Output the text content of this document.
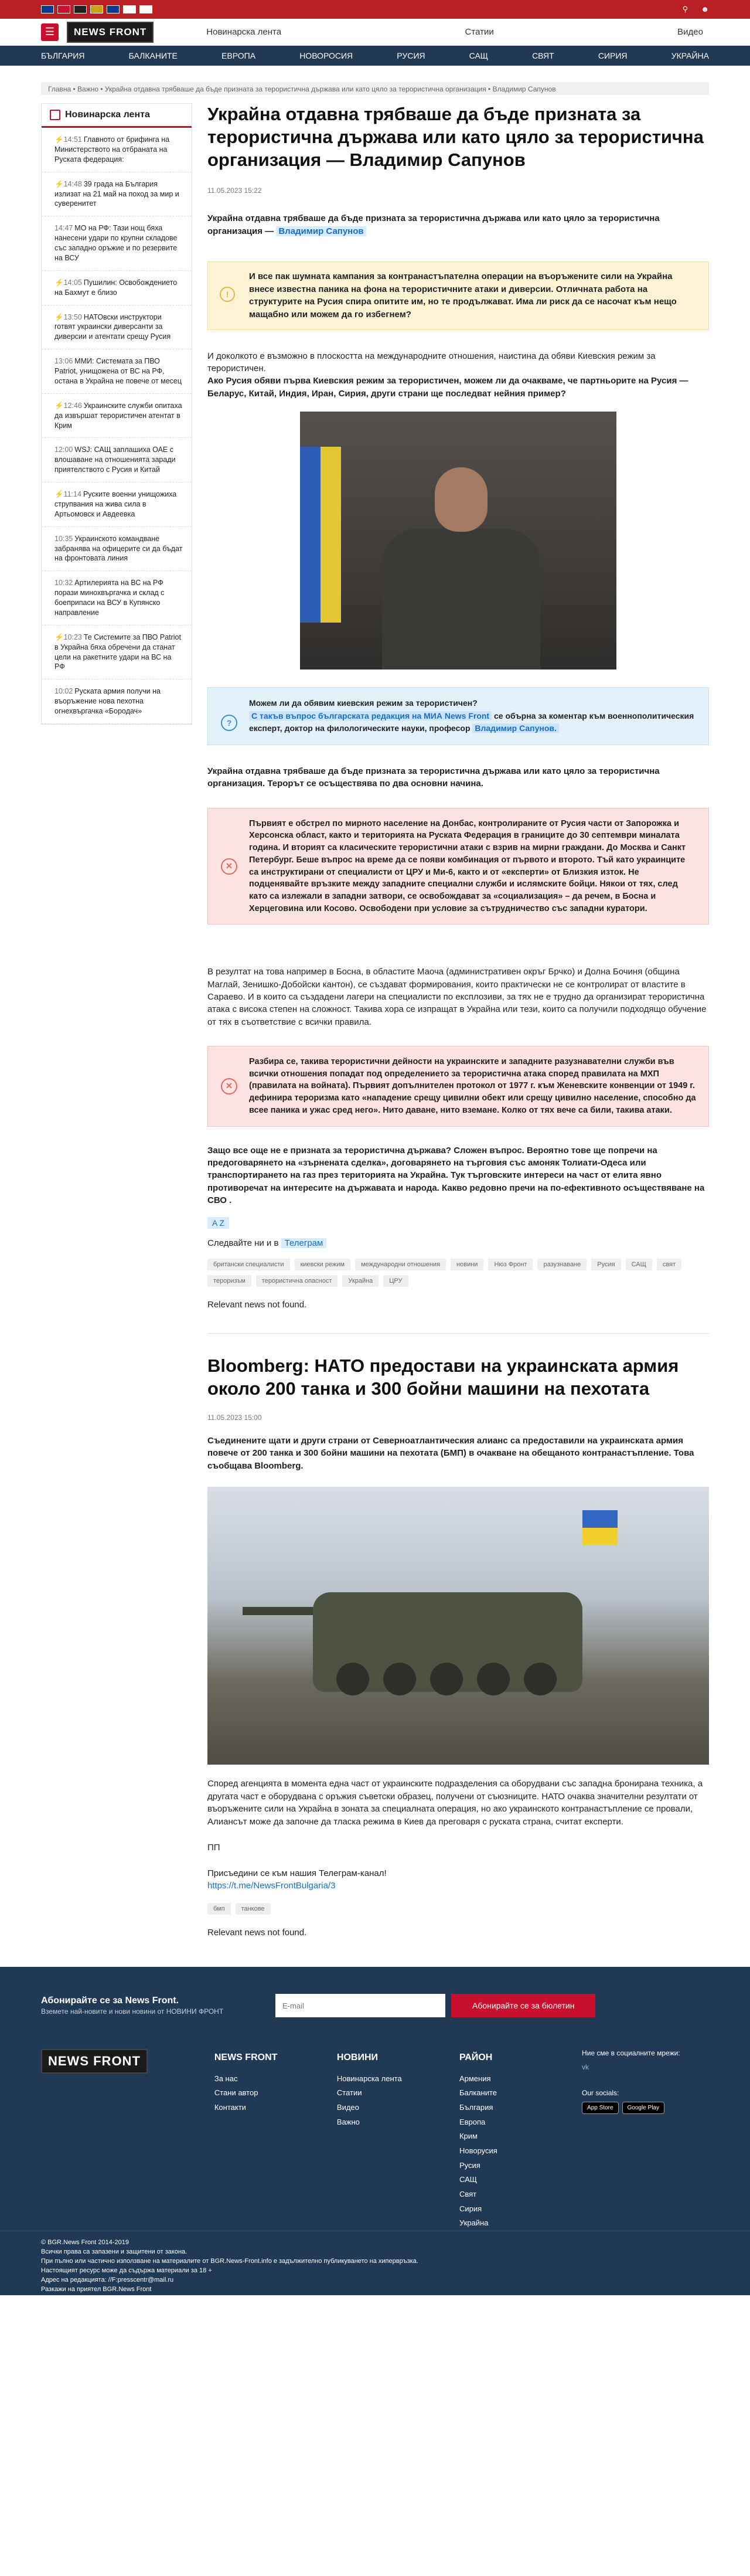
⚲ ☻
☰	NEWS FRONT	Новинарска лента	Статии	Видео
БЪЛГАРИЯ	БАЛКАНИТЕ	ЕВРОПА	НОВОРОСИЯ	РУСИЯ	САЩ	СВЯТ	СИРИЯ	УКРАЙНА
Главна • Важно • Украйна отдавна трябваше да бъде призната за терористична държава или като цяло за терористична организация • Владимир Сапунов
Новинарска лента
⚡14:51 Главното от брифинга на Министерството на отбраната на Руската федерация:
⚡14:48 39 градa на България излизат на 21 май на поход за мир и суверенитет
14:47 МО на РФ: Тази нощ бяха нанесени удари по крупни складове със западно оръжие и по резервите на ВСУ
⚡14:05 Пушилин: Освобождението на Бахмут е близо
⚡13:50 НАТОвски инструктори готвят украински диверсанти за диверсии и атентати срещу Русия
13:06 ММИ: Системата за ПВО Patriot, унищожена от ВС на РФ, остана в Украйна не повече от месец
⚡12:46 Украинските служби опитаха да извършат терористичен атентат в Крим
12:00 WSJ: САЩ заплашиха ОАЕ с влошаване на отношенията заради приятелството с Русия и Китай
⚡11:14 Руските военни унищожиха струпвания на жива сила в Артьомовск и Авдеевка
10:35 Украинското командване забранява на офицерите си да бъдат на фронтовата линия
10:32 Артилерията на ВС на РФ порази минохвъргачка и склад с боеприпаси на ВСУ в Купянско направление
⚡10:23 Те Системите за ПВО Patriot в Украйна бяха обречени да станат цели на ракетните удари на ВС на РФ
10:02 Руската армия получи на въоръжение нова пехотна огнехвъргачка «Бородач»
Украйна отдавна трябваше да бъде призната за терористична държава или като цяло за терористична организация — Владимир Сапунов
11.05.2023 15:22
Украйна отдавна трябваше да бъде призната за терористична държава или като цяло за терористична организация — Владимир Сапунов
!
И все пак шумната кампания за контранастъпателна операции на въоръжените сили на Украйна внесе известна паника на фона на терористичните атаки и диверсии. Отличната работа на структурите на Русия спира опитите им, но те продължават. Има ли риск да се насочат към нещо мащабно или можем да го избегнем?
И доколкото е възможно в плоскостта на международните отношения, наистина да обяви Киевския режим за терористичен.
Ако Русия обяви първа Киевския режим за терористичен, можем ли да очакваме, че партньорите на Русия — Беларус, Китай, Индия, Иран, Сирия, други страни ще последват нейния пример?
?
Можем ли да обявим киевския режим за терористичен?
С такъв въпрос българската редакция на МИА News Front се обърна за коментар към военнополитическия експерт, доктор на филологическите науки, професор Владимир Сапунов.
Украйна отдавна трябваше да бъде призната за терористична държава или като цяло за терористична организация. Терорът се осъществява по два основни начина.
✕
Първият е обстрел по мирното население на Донбас, контролираните от Русия части от Запорожка и Херсонска област, както и територията на Руската Федерация в границите до 30 септември миналата година. И вторият са класическите терористични атаки с взрив на мирни граждани. До Москва и Санкт Петербург. Беше въпрос на време да се появи комбинация от първото и второто. Тъй като украинците са инструктирани от специалисти от ЦРУ и Ми-6, както и от «експерти» от Близкия изток. Не подценявайте връзките между западните специални служби и ислямските бойци. Някои от тях, след като са излежали в западни затвори, се освобождават за «социализация» – да речем, в Босна и Херцеговина или Косово. Освободени при условие за сътрудничество със западни куратори.
В резултат на това например в Босна, в областите Маоча (административен окръг Брчко) и Долна Бочиня (община Маглай, Зенишко-Добойски кантон), се създават формирования, които практически не се контролират от властите в Сараево. И в които са създадени лагери на специалисти по експлозиви, за тях не е трудно да организират терористична атака с висока степен на сложност. Такива хора се изпращат в Украйна или тези, които са получили подходящо обучение от тях в съответствие с всички правила.
✕
Разбира се, такива терористични дейности на украинските и западните разузнавателни служби във всички отношения попадат под определението за терористична атака според правилата на МХП (правилата на войната). Първият допълнителен протокол от 1977 г. към Женевските конвенции от 1949 г. дефинира тероризма като «нападение срещу цивилни обект или срещу цивилно население, способно да всее паника и ужас сред него». Нито даване, нито вземане. Колко от тях вече са били, такива атаки.
Защо все още не е призната за терористична държава? Сложен въпрос. Вероятно тове ще попречи на предоговарянето на «зърнената сделка», договарянето на търговия със амоняк Толиати-Одеса или транспортирането на газ през територията на Украйна. Тук търговските интереси на част от елита явно противоречат на интересите на държавата и народа. Какво редовно пречи на по-ефективното осъществяване на СВО .
A Z
Следвайте ни и в Телеграм
британски специалисти	киевски режим	международни отношения	новини	Нюз Фронт	разузнаване	Русия	САЩ	свят
тероризъм	терористична опасност	Украйна	ЦРУ
Relevant news not found.
Bloomberg: НАТО предостави на украинската армия около 200 танка и 300 бойни машини на пехотата
11.05.2023 15:00
Съединените щати и други страни от Северноатлантическия алианс са предоставили на украинската армия повече от 200 танка и 300 бойни машини на пехотата (БМП) в очакване на обещаното контранастъпление. Това съобщава Bloomberg.
Според агенцията в момента една част от украинските подразделения са оборудвани със западна бронирана техника, а другата част е оборудвана с оръжия съветски образец, получени от съюзниците. НАТО очаква значителни резултати от въоръжените сили на Украйна в зоната за специалната операция, но ако украинското контранастъпление се провали, Алиансът може да започне да тласка режима в Киев да преговаря с руската страна, считат експерти.
ПП
Присъедини се към нашия Телеграм-канал!
https://t.me/NewsFrontBulgaria/3
бмп	танкове
Relevant news not found.
Абонирайте се за News Front.
Вземете най-новите и нови новини от НОВИНИ ФРОНТ
E-mail
Абонирайте се за бюлетин
NEWS FRONT	NEWS FRONT
За нас
Стани автор
Контакти
НОВИНИ
Новинарска лента
Статии
Видео
Важно
РАЙОН
Армения
Балканите
България
Европа
Крим
Новорусия
Русия
САЩ
Свят
Сирия
Украйна
Ние сме в социалните мрежи:
vk
Our socials:
App Store Google Play
© BGR.News Front 2014-2019

Всички права са запазени и защитени от закона.

При пълно или частично използване на материалите от BGR.News-Front.info е задължително публикуването на хипервръзка.

Настоящият ресурс може да съдържа материали за 18 +

Адрес на редакцията: //F:presscentr@mail.ru

Разкажи на приятел BGR.News Front
